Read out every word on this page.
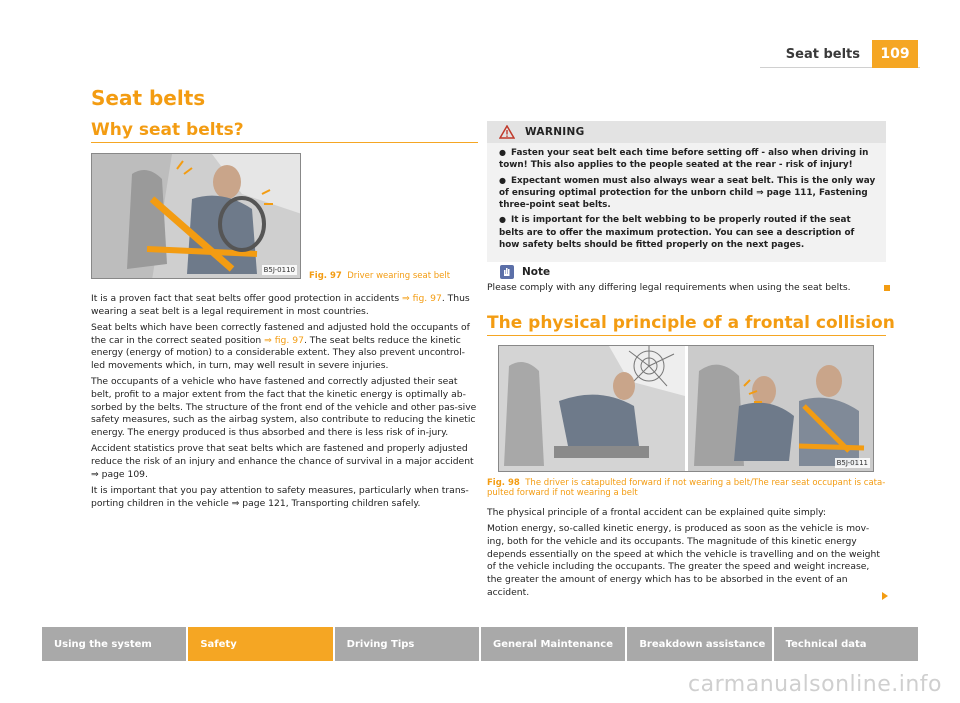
Seat belts	109
Seat belts
Why seat belts?
B5J-0110
Fig. 97 Driver wearing seat belt

It is a proven fact that seat belts offer good protection in accidents ⇒ fig. 97. Thus wearing a seat belt is a legal requirement in most countries.

Seat belts which have been correctly fastened and adjusted hold the occupants of the car in the correct seated position ⇒ fig. 97. The seat belts reduce the kinetic energy (energy of motion) to a considerable extent. They also prevent uncontrol-led movements which, in turn, may well result in severe injuries.

The occupants of a vehicle who have fastened and correctly adjusted their seat belt, profit to a major extent from the fact that the kinetic energy is optimally ab-sorbed by the belts. The structure of the front end of the vehicle and other pas-sive safety measures, such as the airbag system, also contribute to reducing the kinetic energy. The energy produced is thus absorbed and there is less risk of in-jury.

Accident statistics prove that seat belts which are fastened and properly adjusted reduce the risk of an injury and enhance the chance of survival in a major accident ⇒ page 109.

It is important that you pay attention to safety measures, particularly when trans-porting children in the vehicle ⇒ page 121, Transporting children safely.

WARNING

● Fasten your seat belt each time before setting off - also when driving in town! This also applies to the people seated at the rear - risk of injury!

● Expectant women must also always wear a seat belt. This is the only way of ensuring optimal protection for the unborn child ⇒ page 111, Fastening three-point seat belts.

● It is important for the belt webbing to be properly routed if the seat belts are to offer the maximum protection. You can see a description of how safety belts should be fitted properly on the next pages.

Note
Please comply with any differing legal requirements when using the seat belts.
The physical principle of a frontal collision
B5J-0111
Fig. 98 The driver is catapulted forward if not wearing a belt/The rear seat occupant is cata-pulted forward if not wearing a belt

The physical principle of a frontal accident can be explained quite simply:

Motion energy, so-called kinetic energy, is produced as soon as the vehicle is mov-ing, both for the vehicle and its occupants. The magnitude of this kinetic energy depends essentially on the speed at which the vehicle is travelling and on the weight of the vehicle including the occupants. The greater the speed and weight increase, the greater the amount of energy which has to be absorbed in the event of an accident.

Using the system	Safety	Driving Tips	General Maintenance	Breakdown assistance	Technical data
carmanualsonline.info
